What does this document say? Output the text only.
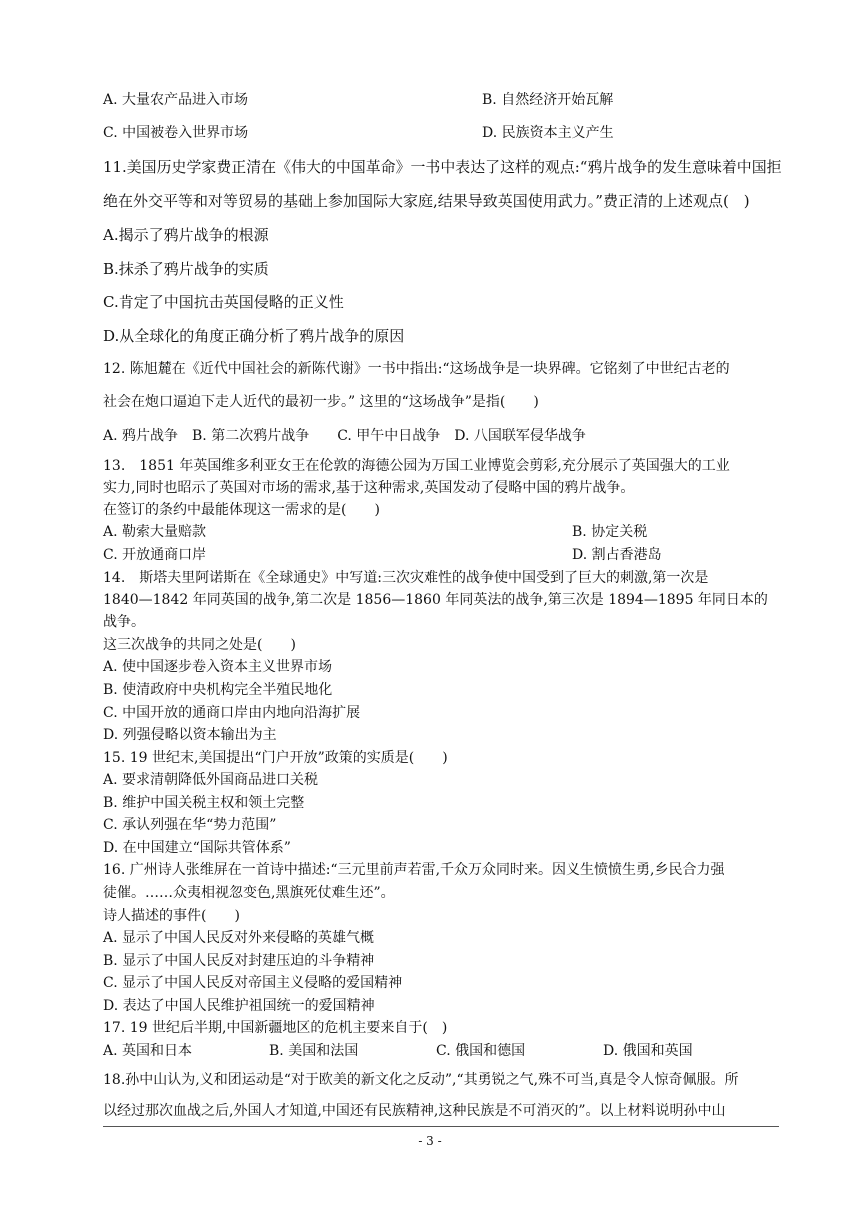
A. 大量农产品进入市场	B. 自然经济开始瓦解
C. 中国被卷入世界市场	D. 民族资本主义产生
11.美国历史学家费正清在《伟大的中国革命》一书中表达了这样的观点:“鸦片战争的发生意味着中国拒
绝在外交平等和对等贸易的基础上参加国际大家庭,结果导致英国使用武力。”费正清的上述观点(　)
A.揭示了鸦片战争的根源
B.抹杀了鸦片战争的实质
C.肯定了中国抗击英国侵略的正义性
D.从全球化的角度正确分析了鸦片战争的原因
12. 陈旭麓在《近代中国社会的新陈代谢》一书中指出:“这场战争是一块界碑。它铭刻了中世纪古老的
社会在炮口逼迫下走人近代的最初一步。” 这里的“这场战争”是指(　　)
A. 鸦片战争　B. 第二次鸦片战争　　C. 甲午中日战争　D. 八国联军侵华战争
13.　1851 年英国维多利亚女王在伦敦的海德公园为万国工业博览会剪彩,充分展示了英国强大的工业
实力,同时也昭示了英国对市场的需求,基于这种需求,英国发动了侵略中国的鸦片战争。
在签订的条约中最能体现这一需求的是(　　)
A. 勒索大量赔款	B. 协定关税
C. 开放通商口岸	D. 割占香港岛
14.　斯塔夫里阿诺斯在《全球通史》中写道:三次灾难性的战争使中国受到了巨大的刺激,第一次是
1840—1842 年同英国的战争,第二次是 1856—1860 年同英法的战争,第三次是 1894—1895 年同日本的
战争。
这三次战争的共同之处是(　　)
A. 使中国逐步卷入资本主义世界市场
B. 使清政府中央机构完全半殖民地化
C. 中国开放的通商口岸由内地向沿海扩展
D. 列强侵略以资本输出为主
15. 19 世纪末,美国提出“门户开放”政策的实质是(　　)
A. 要求清朝降低外国商品进口关税
B. 维护中国关税主权和领土完整
C. 承认列强在华“势力范围”
D. 在中国建立“国际共管体系”
16. 广州诗人张维屏在一首诗中描述:“三元里前声若雷,千众万众同时来。因义生愤愤生勇,乡民合力强
徒催。……众夷相视忽变色,黑旗死仗难生还”。
诗人描述的事件(　　)
A. 显示了中国人民反对外来侵略的英雄气概
B. 显示了中国人民反对封建压迫的斗争精神
C. 显示了中国人民反对帝国主义侵略的爱国精神
D. 表达了中国人民维护祖国统一的爱国精神
17. 19 世纪后半期,中国新疆地区的危机主要来自于(　)
A. 英国和日本	B. 美国和法国	C. 俄国和德国	D. 俄国和英国
18.孙中山认为,义和团运动是“对于欧美的新文化之反动”,“其勇锐之气,殊不可当,真是令人惊奇佩服。所
以经过那次血战之后,外国人才知道,中国还有民族精神,这种民族是不可消灭的”。以上材料说明孙中山
- 3 -
